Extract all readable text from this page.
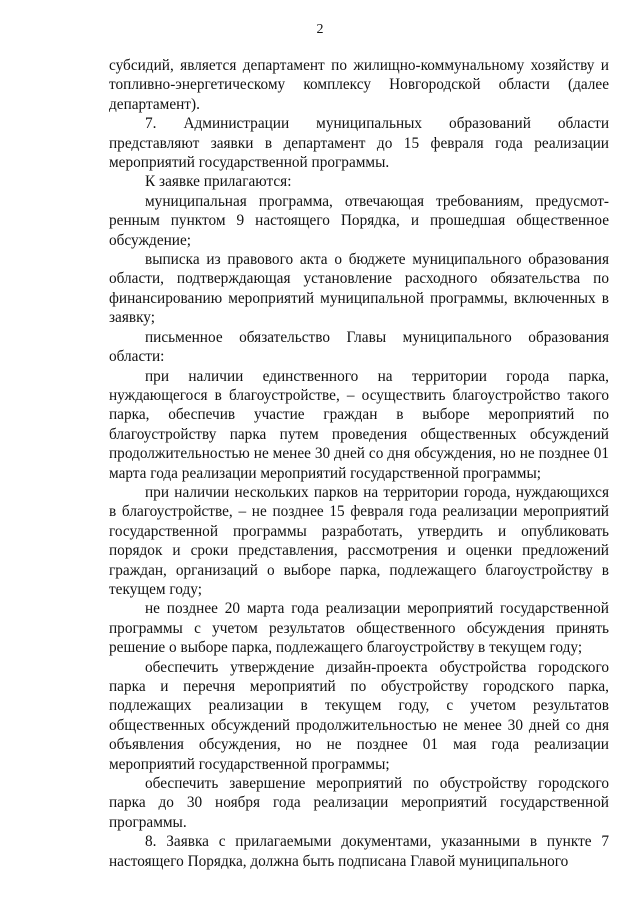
2

субсидий, является департамент по жилищно-коммунальному хозяйству и топливно-энергетическому комплексу Новгородской области (далее департамент).

7. Администрации муниципальных образований области представляют заявки в департамент до 15 февраля года реализации мероприятий государственной программы.

К заявке прилагаются:

муниципальная программа, отвечающая требованиям, предусмот-ренным пунктом 9 настоящего Порядка, и прошедшая общественное обсуждение;

выписка из правового акта о бюджете муниципального образования области, подтверждающая установление расходного обязательства по финансированию мероприятий муниципальной программы, включенных в заявку;

письменное обязательство Главы муниципального образования области:

при наличии единственного на территории города парка, нуждающегося в благоустройстве, – осуществить благоустройство такого парка, обеспечив участие граждан в выборе мероприятий по благоустройству парка путем проведения общественных обсуждений продолжительностью не менее 30 дней со дня обсуждения, но не позднее 01 марта года реализации мероприятий государственной программы;

при наличии нескольких парков на территории города, нуждающихся в благоустройстве, – не позднее 15 февраля года реализации мероприятий государственной программы разработать, утвердить и опубликовать порядок и сроки представления, рассмотрения и оценки предложений граждан, организаций о выборе парка, подлежащего благоустройству в текущем году;

не позднее 20 марта года реализации мероприятий государственной программы с учетом результатов общественного обсуждения принять решение о выборе парка, подлежащего благоустройству в текущем году;

обеспечить утверждение дизайн-проекта обустройства городского парка и перечня мероприятий по обустройству городского парка, подлежащих реализации в текущем году, с учетом результатов общественных обсуждений продолжительностью не менее 30 дней со дня объявления обсуждения, но не позднее 01 мая года реализации мероприятий государственной программы;

обеспечить завершение мероприятий по обустройству городского парка до 30 ноября года реализации мероприятий государственной программы.

8. Заявка с прилагаемыми документами, указанными в пункте 7 настоящего Порядка, должна быть подписана Главой муниципального
